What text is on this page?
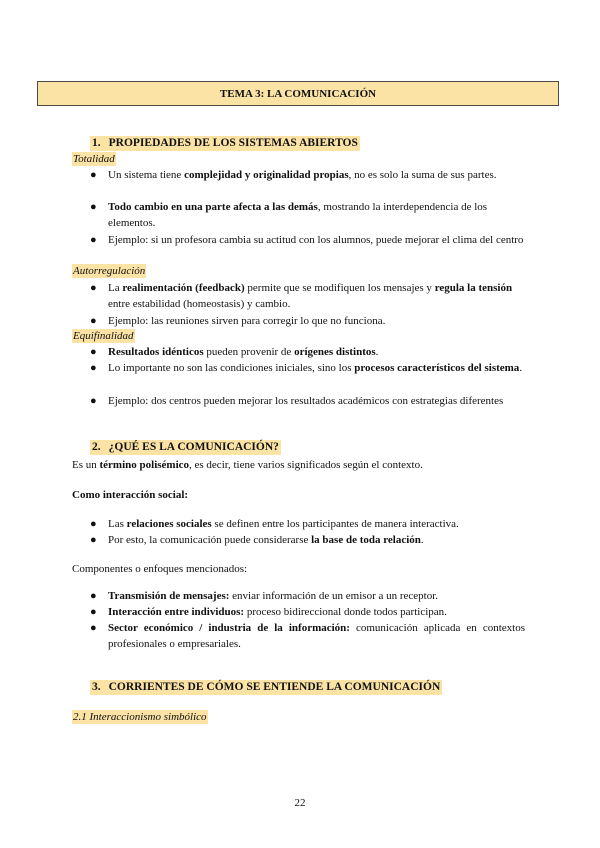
TEMA 3: LA COMUNICACIÓN
1. PROPIEDADES DE LOS SISTEMAS ABIERTOS
Totalidad
● Un sistema tiene complejidad y originalidad propias, no es solo la suma de sus partes.
● Todo cambio en una parte afecta a las demás, mostrando la interdependencia de los elementos.
● Ejemplo: si un profesora cambia su actitud con los alumnos, puede mejorar el clima del centro
Autorregulación
● La realimentación (feedback) permite que se modifiquen los mensajes y regula la tensión entre estabilidad (homeostasis) y cambio.
● Ejemplo: las reuniones sirven para corregir lo que no funciona.
Equifinalidad
● Resultados idénticos pueden provenir de orígenes distintos.
● Lo importante no son las condiciones iniciales, sino los procesos característicos del sistema.
● Ejemplo: dos centros pueden mejorar los resultados académicos con estrategias diferentes
2. ¿QUÉ ES LA COMUNICACIÓN?
Es un término polisémico, es decir, tiene varios significados según el contexto.
Como interacción social:
● Las relaciones sociales se definen entre los participantes de manera interactiva.
● Por esto, la comunicación puede considerarse la base de toda relación.
Componentes o enfoques mencionados:
● Transmisión de mensajes: enviar información de un emisor a un receptor.
● Interacción entre individuos: proceso bidireccional donde todos participan.
● Sector económico / industria de la información: comunicación aplicada en contextos profesionales o empresariales.
3. CORRIENTES DE CÓMO SE ENTIENDE LA COMUNICACIÓN
2.1 Interaccionismo simbólico
22
